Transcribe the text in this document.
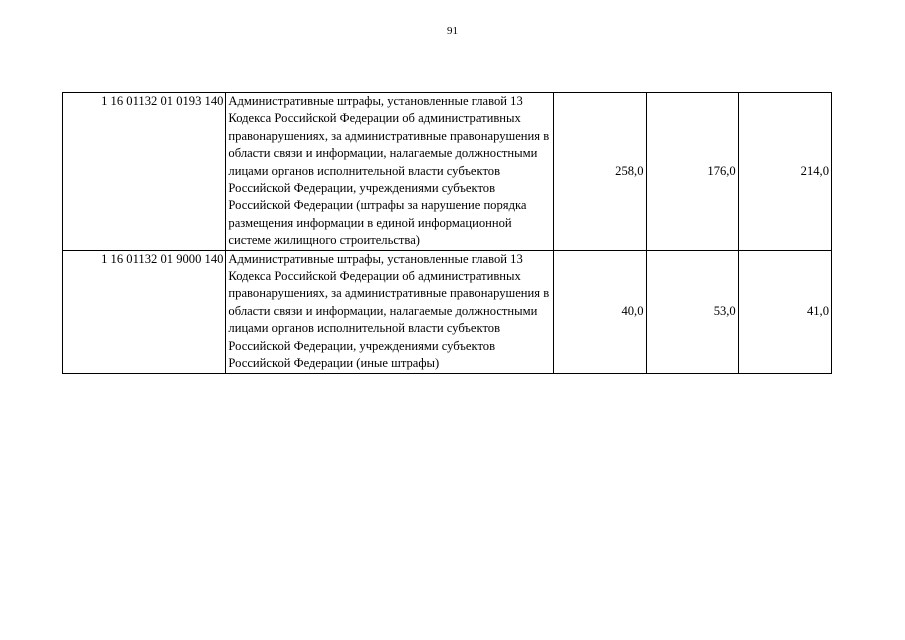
91
1 16 01132 01 0193 140	Административные штрафы, установленные главой 13 Кодекса Российской Федерации об административных правонарушениях, за административные правонарушения в области связи и информации, налагаемые должностными лицами органов исполнительной власти субъектов Российской Федерации, учреждениями субъектов Российской Федерации (штрафы за нарушение порядка размещения информации в единой информационной системе жилищного строительства)	258,0	176,0	214,0
1 16 01132 01 9000 140	Административные штрафы, установленные главой 13 Кодекса Российской Федерации об административных правонарушениях, за административные правонарушения в области связи и информации, налагаемые должностными лицами органов исполнительной власти субъектов Российской Федерации, учреждениями субъектов Российской Федерации (иные штрафы)	40,0	53,0	41,0
